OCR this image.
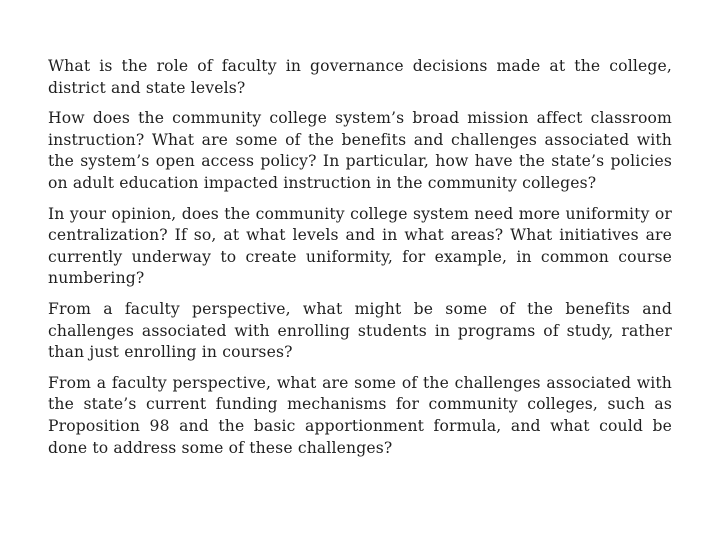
What is the role of faculty in governance decisions made at the college, district and state levels?

How does the community college system’s broad mission affect classroom instruction? What are some of the benefits and challenges associated with the system’s open access policy? In particular, how have the state’s policies on adult education impacted instruction in the community colleges?

In your opinion, does the community college system need more uniformity or centralization? If so, at what levels and in what areas? What initiatives are currently underway to create uniformity, for example, in common course numbering?

From a faculty perspective, what might be some of the benefits and challenges associated with enrolling students in programs of study, rather than just enrolling in courses?

From a faculty perspective, what are some of the challenges associated with the state’s current funding mechanisms for community colleges, such as Proposition 98 and the basic apportionment formula, and what could be done to address some of these challenges?
